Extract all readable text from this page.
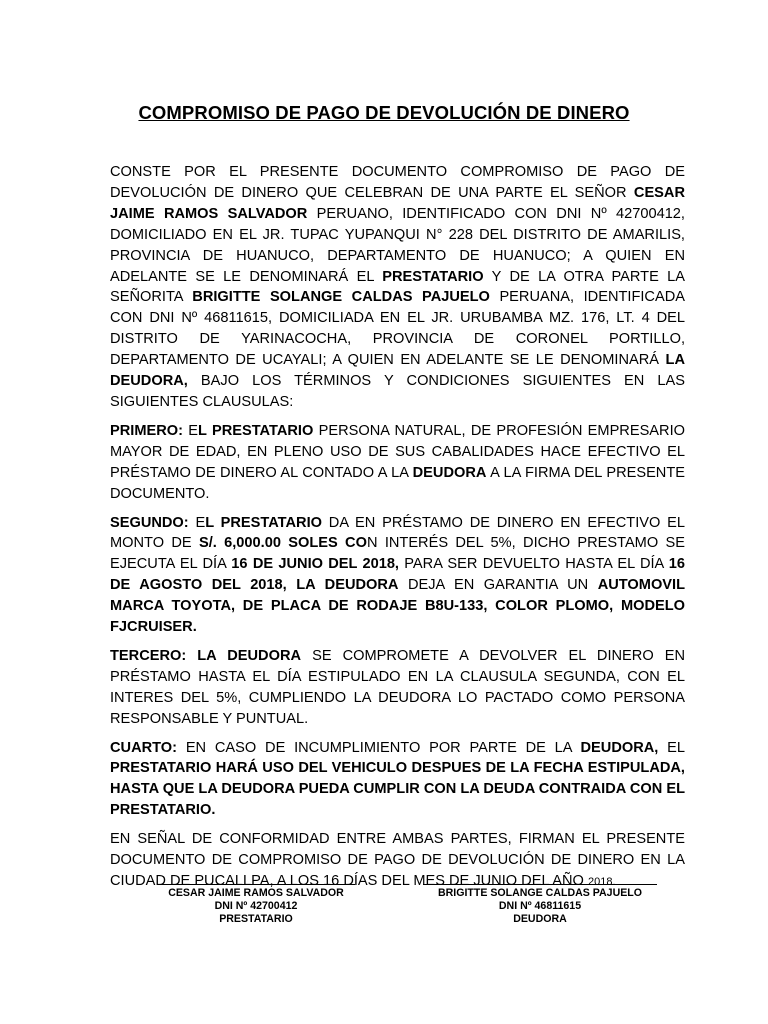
COMPROMISO DE PAGO DE DEVOLUCIÓN DE DINERO

CONSTE POR EL PRESENTE DOCUMENTO COMPROMISO DE PAGO DE DEVOLUCIÓN DE DINERO QUE CELEBRAN DE UNA PARTE EL SEÑOR CESAR JAIME RAMOS SALVADOR PERUANO, IDENTIFICADO CON DNI Nº 42700412, DOMICILIADO EN EL JR. TUPAC YUPANQUI N° 228 DEL DISTRITO DE AMARILIS, PROVINCIA DE HUANUCO, DEPARTAMENTO DE HUANUCO; A QUIEN EN ADELANTE SE LE DENOMINARÁ EL PRESTATARIO Y DE LA OTRA PARTE LA SEÑORITA BRIGITTE SOLANGE CALDAS PAJUELO PERUANA, IDENTIFICADA CON DNI Nº 46811615, DOMICILIADA EN EL JR. URUBAMBA MZ. 176, LT. 4 DEL DISTRITO DE YARINACOCHA, PROVINCIA DE CORONEL PORTILLO, DEPARTAMENTO DE UCAYALI; A QUIEN EN ADELANTE SE LE DENOMINARÁ LA DEUDORA, BAJO LOS TÉRMINOS Y CONDICIONES SIGUIENTES EN LAS SIGUIENTES CLAUSULAS:

PRIMERO: EL PRESTATARIO PERSONA NATURAL, DE PROFESIÓN EMPRESARIO MAYOR DE EDAD, EN PLENO USO DE SUS CABALIDADES HACE EFECTIVO EL PRÉSTAMO DE DINERO AL CONTADO A LA DEUDORA A LA FIRMA DEL PRESENTE DOCUMENTO.

SEGUNDO: EL PRESTATARIO DA EN PRÉSTAMO DE DINERO EN EFECTIVO EL MONTO DE S/. 6,000.00 SOLES CON INTERÉS DEL 5%, DICHO PRESTAMO SE EJECUTA EL DÍA 16 DE JUNIO DEL 2018, PARA SER DEVUELTO HASTA EL DÍA 16 DE AGOSTO DEL 2018, LA DEUDORA DEJA EN GARANTIA UN AUTOMOVIL MARCA TOYOTA, DE PLACA DE RODAJE B8U-133, COLOR PLOMO, MODELO FJCRUISER.

TERCERO: LA DEUDORA SE COMPROMETE A DEVOLVER EL DINERO EN PRÉSTAMO HASTA EL DÍA ESTIPULADO EN LA CLAUSULA SEGUNDA, CON EL INTERES DEL 5%, CUMPLIENDO LA DEUDORA LO PACTADO COMO PERSONA RESPONSABLE Y PUNTUAL.

CUARTO: EN CASO DE INCUMPLIMIENTO POR PARTE DE LA DEUDORA, EL PRESTATARIO HARÁ USO DEL VEHICULO DESPUES DE LA FECHA ESTIPULADA, HASTA QUE LA DEUDORA PUEDA CUMPLIR CON LA DEUDA CONTRAIDA CON EL PRESTATARIO.

EN SEÑAL DE CONFORMIDAD ENTRE AMBAS PARTES, FIRMAN EL PRESENTE DOCUMENTO DE COMPROMISO DE PAGO DE DEVOLUCIÓN DE DINERO EN LA CIUDAD DE PUCALLPA, A LOS 16 DÍAS DEL MES DE JUNIO DEL AÑO 2018.

CESAR JAIME RAMOS SALVADOR
DNI Nº 42700412
PRESTATARIO
BRIGITTE SOLANGE CALDAS PAJUELO
DNI Nº 46811615
DEUDORA
